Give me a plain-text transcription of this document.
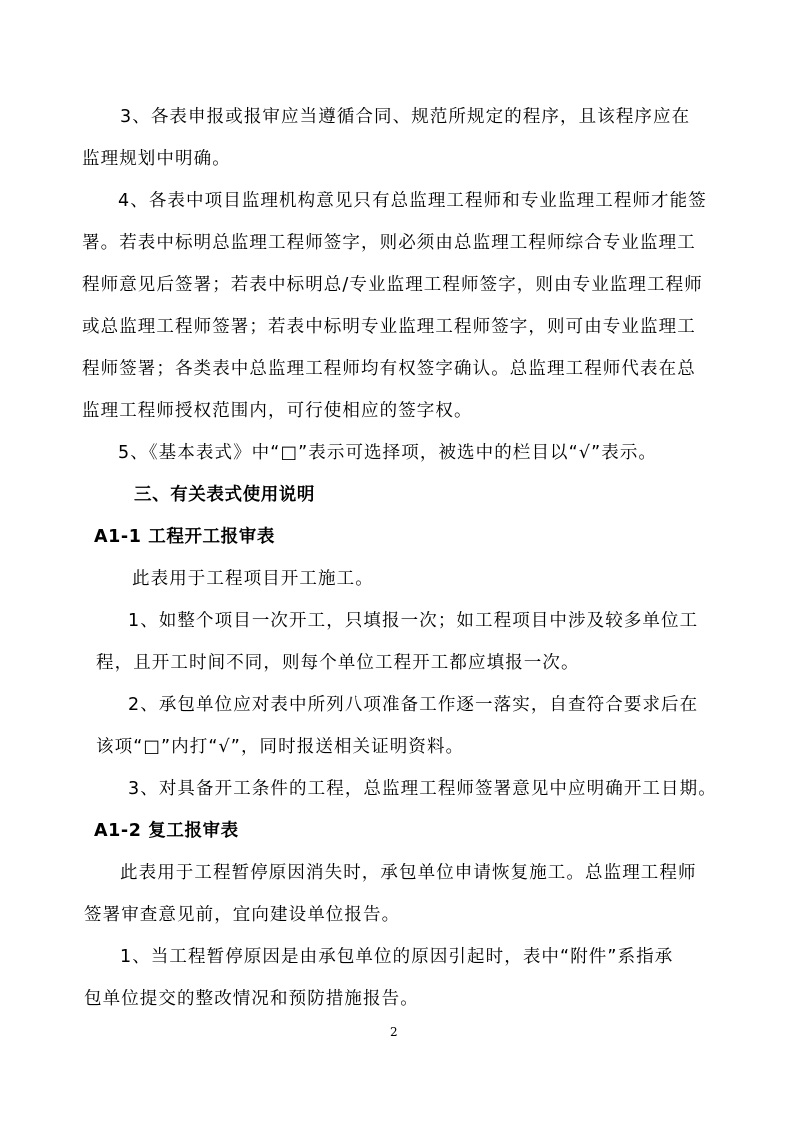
3、各表申报或报审应当遵循合同、规范所规定的程序，且该程序应在
监理规划中明确。
4、各表中项目监理机构意见只有总监理工程师和专业监理工程师才能签
署。若表中标明总监理工程师签字，则必须由总监理工程师综合专业监理工
程师意见后签署；若表中标明总/专业监理工程师签字，则由专业监理工程师
或总监理工程师签署；若表中标明专业监理工程师签字，则可由专业监理工
程师签署；各类表中总监理工程师均有权签字确认。总监理工程师代表在总
监理工程师授权范围内，可行使相应的签字权。
5、《基本表式》中“□”表示可选择项，被选中的栏目以“√”表示。
三、有关表式使用说明
A1-1 工程开工报审表
此表用于工程项目开工施工。
1、如整个项目一次开工，只填报一次；如工程项目中涉及较多单位工
程，且开工时间不同，则每个单位工程开工都应填报一次。
2、承包单位应对表中所列八项准备工作逐一落实，自查符合要求后在
该项“□”内打“√”，同时报送相关证明资料。
3、对具备开工条件的工程，总监理工程师签署意见中应明确开工日期。
A1-2 复工报审表
此表用于工程暂停原因消失时，承包单位申请恢复施工。总监理工程师
签署审查意见前，宜向建设单位报告。
1、当工程暂停原因是由承包单位的原因引起时，表中“附件”系指承
包单位提交的整改情况和预防措施报告。
2
